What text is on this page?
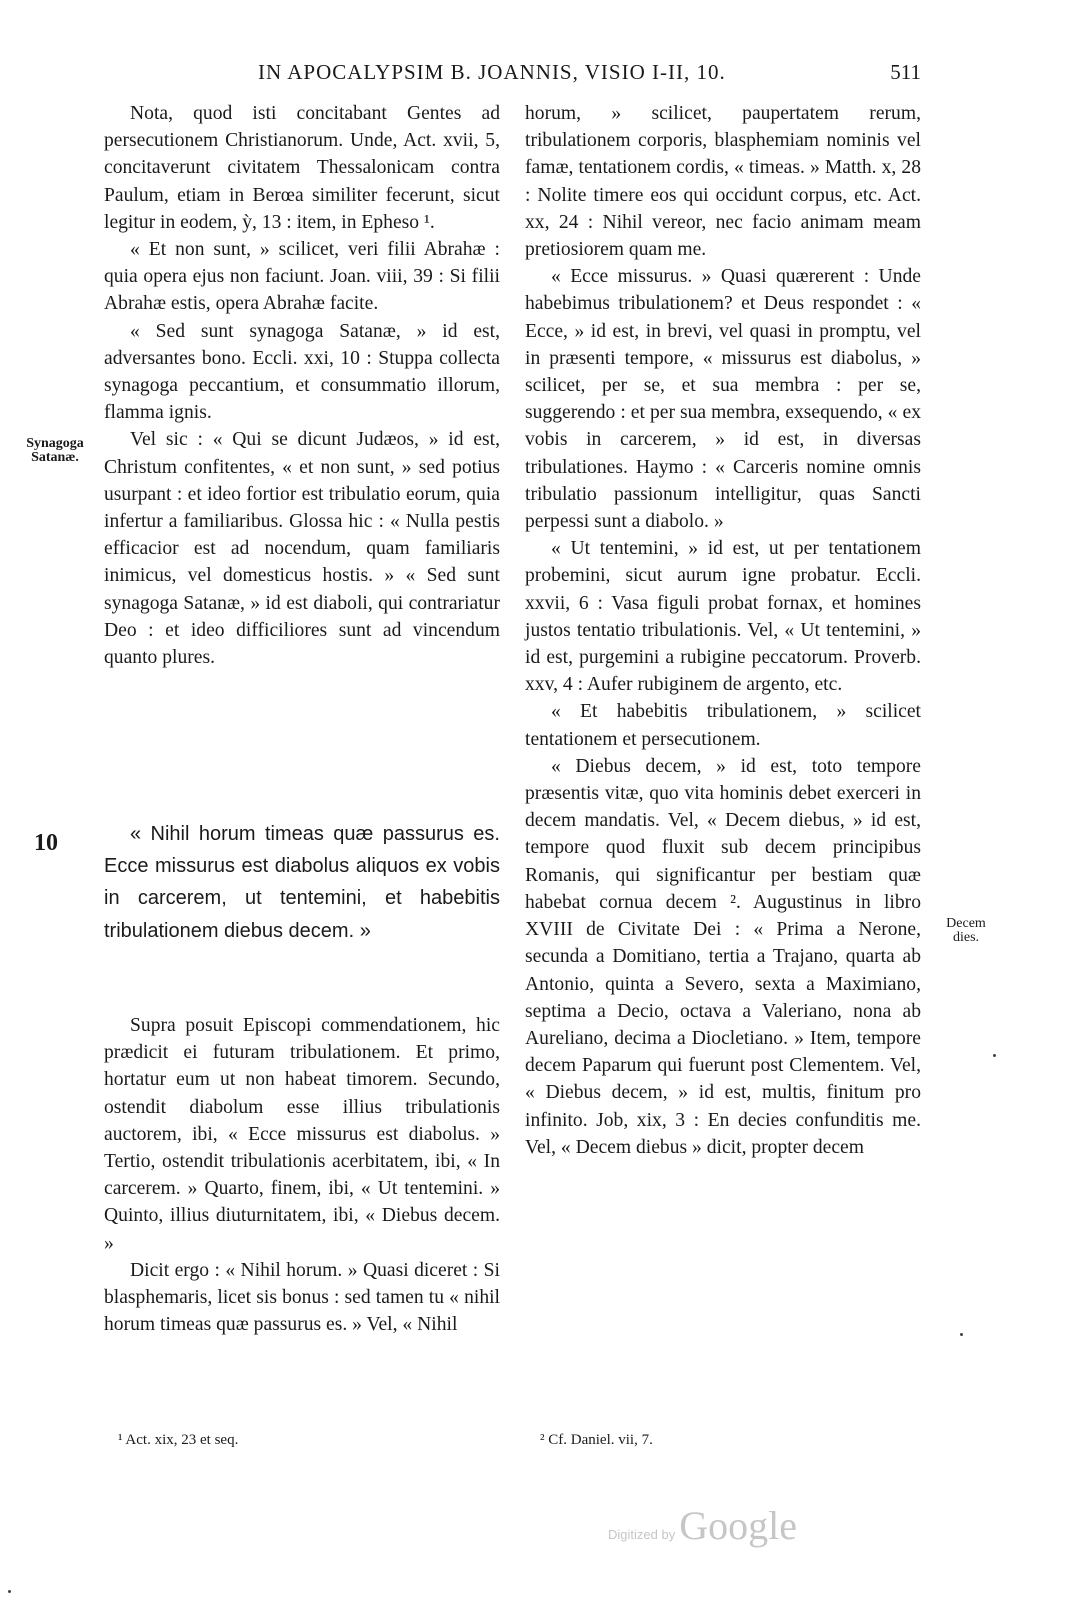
IN APOCALYPSIM B. JOANNIS, VISIO I-II, 10.	511

Nota, quod isti concitabant Gentes ad persecutionem Christianorum. Unde, Act. xvii, 5, concitaverunt civitatem Thessalonicam contra Paulum, etiam in Berœa similiter fecerunt, sicut legitur in eodem, ỳ, 13 : item, in Epheso ¹.

« Et non sunt, » scilicet, veri filii Abrahæ : quia opera ejus non faciunt. Joan. viii, 39 : Si filii Abrahæ estis, opera Abrahæ facite.

« Sed sunt synagoga Satanæ, » id est, adversantes bono. Eccli. xxi, 10 : Stuppa collecta synagoga peccantium, et consummatio illorum, flamma ignis.

Vel sic : « Qui se dicunt Judæos, » id est, Christum confitentes, « et non sunt, » sed potius usurpant : et ideo fortior est tribulatio eorum, quia infertur a familiaribus. Glossa hic : « Nulla pestis efficacior est ad nocendum, quam familiaris inimicus, vel domesticus hostis. » « Sed sunt synagoga Satanæ, » id est diaboli, qui contrariatur Deo : et ideo difficiliores sunt ad vincendum quanto plures.

Synagoga
Satanæ.
10	« Nihil horum timeas quæ passurus es. Ecce missurus est diabolus aliquos ex vobis in carcerem, ut tentemini, et habebitis tribulationem diebus decem. »

Supra posuit Episcopi commendationem, hic prædicit ei futuram tribulationem. Et primo, hortatur eum ut non habeat timorem. Secundo, ostendit diabolum esse illius tribulationis auctorem, ibi, « Ecce missurus est diabolus. » Tertio, ostendit tribulationis acerbitatem, ibi, « In carcerem. » Quarto, finem, ibi, « Ut tentemini. » Quinto, illius diuturnitatem, ibi, « Diebus decem. »

Dicit ergo : « Nihil horum. » Quasi diceret : Si blasphemaris, licet sis bonus : sed tamen tu « nihil horum timeas quæ passurus es. » Vel, « Nihil

horum, » scilicet, paupertatem rerum, tribulationem corporis, blasphemiam nominis vel famæ, tentationem cordis, « timeas. » Matth. x, 28 : Nolite timere eos qui occidunt corpus, etc. Act. xx, 24 : Nihil vereor, nec facio animam meam pretiosiorem quam me.

« Ecce missurus. » Quasi quærerent : Unde habebimus tribulationem? et Deus respondet : « Ecce, » id est, in brevi, vel quasi in promptu, vel in præsenti tempore, « missurus est diabolus, » scilicet, per se, et sua membra : per se, suggerendo : et per sua membra, exsequendo, « ex vobis in carcerem, » id est, in diversas tribulationes. Haymo : « Carceris nomine omnis tribulatio passionum intelligitur, quas Sancti perpessi sunt a diabolo. »

« Ut tentemini, » id est, ut per tentationem probemini, sicut aurum igne probatur. Eccli. xxvii, 6 : Vasa figuli probat fornax, et homines justos tentatio tribulationis. Vel, « Ut tentemini, » id est, purgemini a rubigine peccatorum. Proverb. xxv, 4 : Aufer rubiginem de argento, etc.

« Et habebitis tribulationem, » scilicet tentationem et persecutionem.

« Diebus decem, » id est, toto tempore præsentis vitæ, quo vita hominis debet exerceri in decem mandatis. Vel, « Decem diebus, » id est, tempore quod fluxit sub decem principibus Romanis, qui significantur per bestiam quæ habebat cornua decem ². Augustinus in libro XVIII de Civitate Dei : « Prima a Nerone, secunda a Domitiano, tertia a Trajano, quarta ab Antonio, quinta a Severo, sexta a Maximiano, septima a Decio, octava a Valeriano, nona ab Aureliano, decima a Diocletiano. » Item, tempore decem Paparum qui fuerunt post Clementem. Vel, « Diebus decem, » id est, multis, finitum pro infinito. Job, xix, 3 : En decies confunditis me. Vel, « Decem diebus » dicit, propter decem

Decem
dies.
¹ Act. xix, 23 et seq.	² Cf. Daniel. vii, 7.
Digitized by Google
